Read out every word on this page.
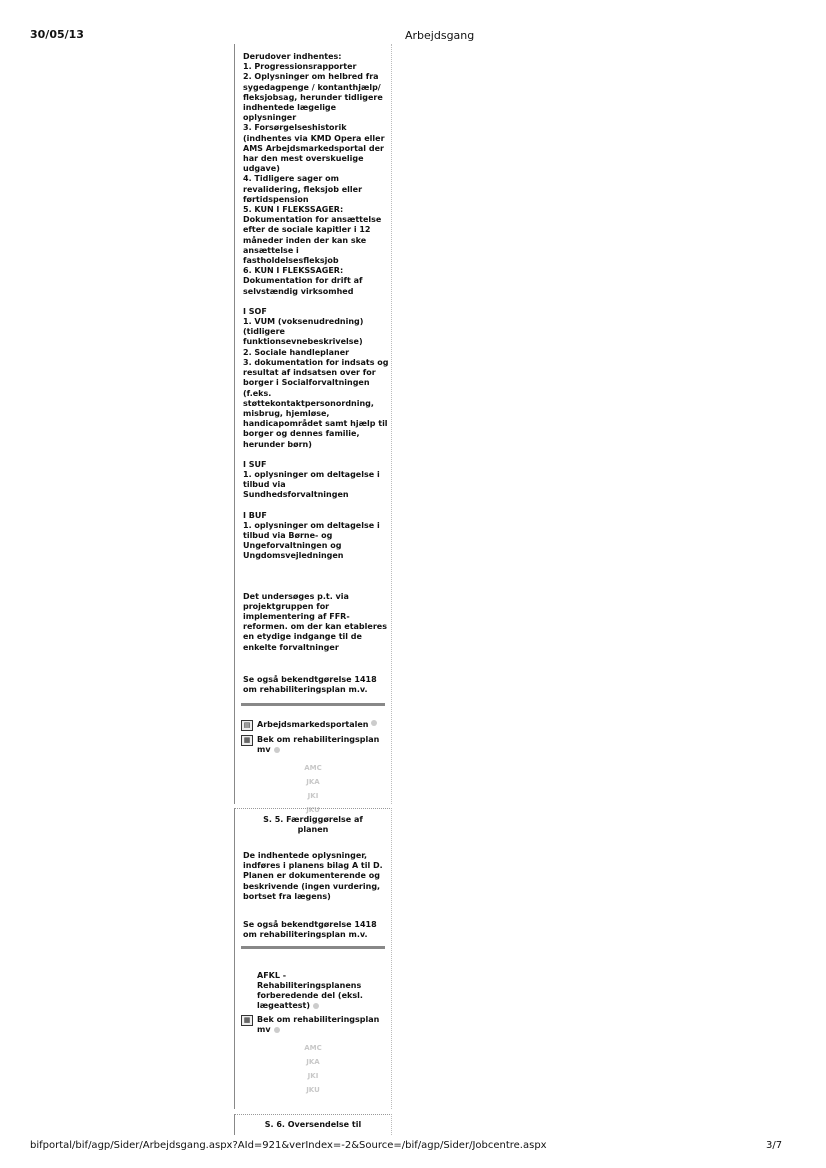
30/05/13	Arbejdsgang
Derudover indhentes:
1. Progressionsrapporter
2. Oplysninger om helbred fra sygedagpenge / kontanthjælp/ fleksjobsag, herunder tidligere indhentede lægelige oplysninger
3. Forsørgelseshistorik (indhentes via KMD Opera eller AMS Arbejdsmarkedsportal der har den mest overskuelige udgave)
4. Tidligere sager om revalidering, fleksjob eller førtidspension
5. KUN I FLEKSSAGER: Dokumentation for ansættelse efter de sociale kapitler i 12 måneder inden der kan ske ansættelse i fastholdelsesfleksjob
6. KUN I FLEKSSAGER: Dokumentation for drift af selvstændig virksomhed
I SOF
1. VUM (voksenudredning) (tidligere funktionsevnebeskrivelse)
2. Sociale handleplaner
3. dokumentation for indsats og resultat af indsatsen over for borger i Socialforvaltningen (f.eks. støttekontaktpersonordning, misbrug, hjemløse, handicapområdet samt hjælp til borger og dennes familie, herunder børn)
I SUF
1. oplysninger om deltagelse i tilbud via Sundhedsforvaltningen
I BUF
1. oplysninger om deltagelse i tilbud via Børne- og Ungeforvaltningen og Ungdomsvejledningen
Det undersøges p.t. via projektgruppen for implementering af FFR-reformen. om der kan etableres en etydige indgange til de enkelte forvaltninger
Se også bekendtgørelse 1418 om rehabiliteringsplan m.v.
▤ Arbejdsmarkedsportalen
▦ Bek om rehabiliteringsplan mv
AMC
JKA
JKI
JKU
S. 5. Færdiggørelse af planen
De indhentede oplysninger, indføres i planens bilag A til D. Planen er dokumenterende og beskrivende (ingen vurdering, bortset fra lægens)
Se også bekendtgørelse 1418 om rehabiliteringsplan m.v.
AFKL - Rehabiliteringsplanens forberedende del (eksl. lægeattest)
▦ Bek om rehabiliteringsplan mv
AMC
JKA
JKI
JKU
S. 6. Oversendelse til
bifportal/bif/agp/Sider/Arbejdsgang.aspx?AId=921&verIndex=-2&Source=/bif/agp/Sider/Jobcentre.aspx	3/7
